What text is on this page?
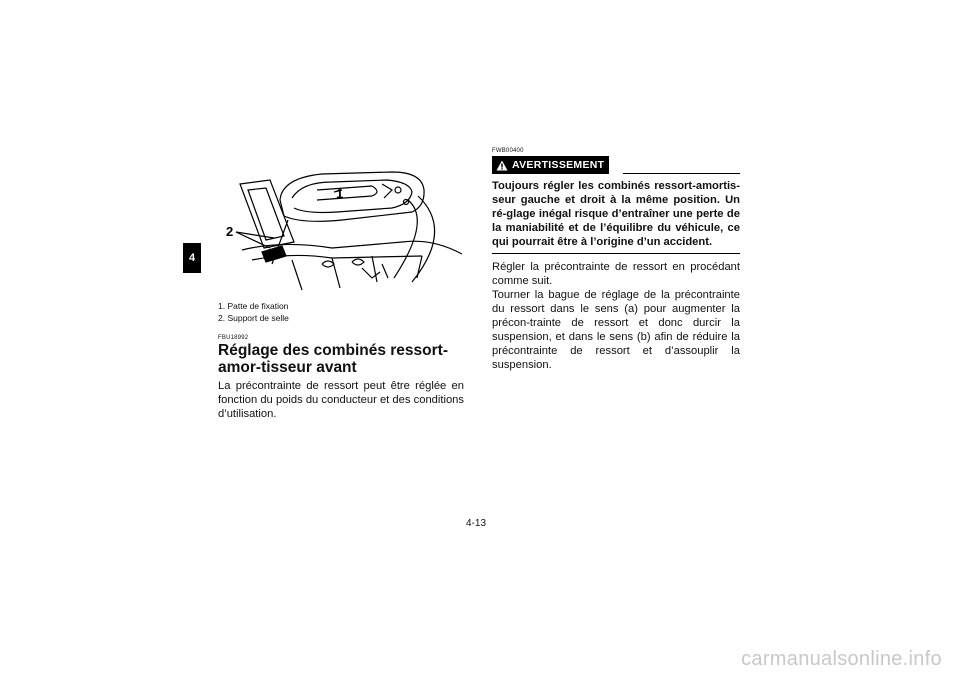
4
1
2
1. Patte de fixation
2. Support de selle
FBU18992
Réglage des combinés ressort-amor-tisseur avant
La précontrainte de ressort peut être réglée en fonction du poids du conducteur et des conditions d’utilisation.
FWB00400
AVERTISSEMENT
Toujours régler les combinés ressort-amortis-seur gauche et droit à la même position. Un ré-glage inégal risque d’entraîner une perte de la maniabilité et de l’équilibre du véhicule, ce qui pourrait être à l’origine d’un accident.
Régler la précontrainte de ressort en procédant comme suit.
Tourner la bague de réglage de la précontrainte du ressort dans le sens (a) pour augmenter la précon-trainte de ressort et donc durcir la suspension, et dans le sens (b) afin de réduire la précontrainte de ressort et d’assouplir la suspension.
4-13
carmanualsonline.info
